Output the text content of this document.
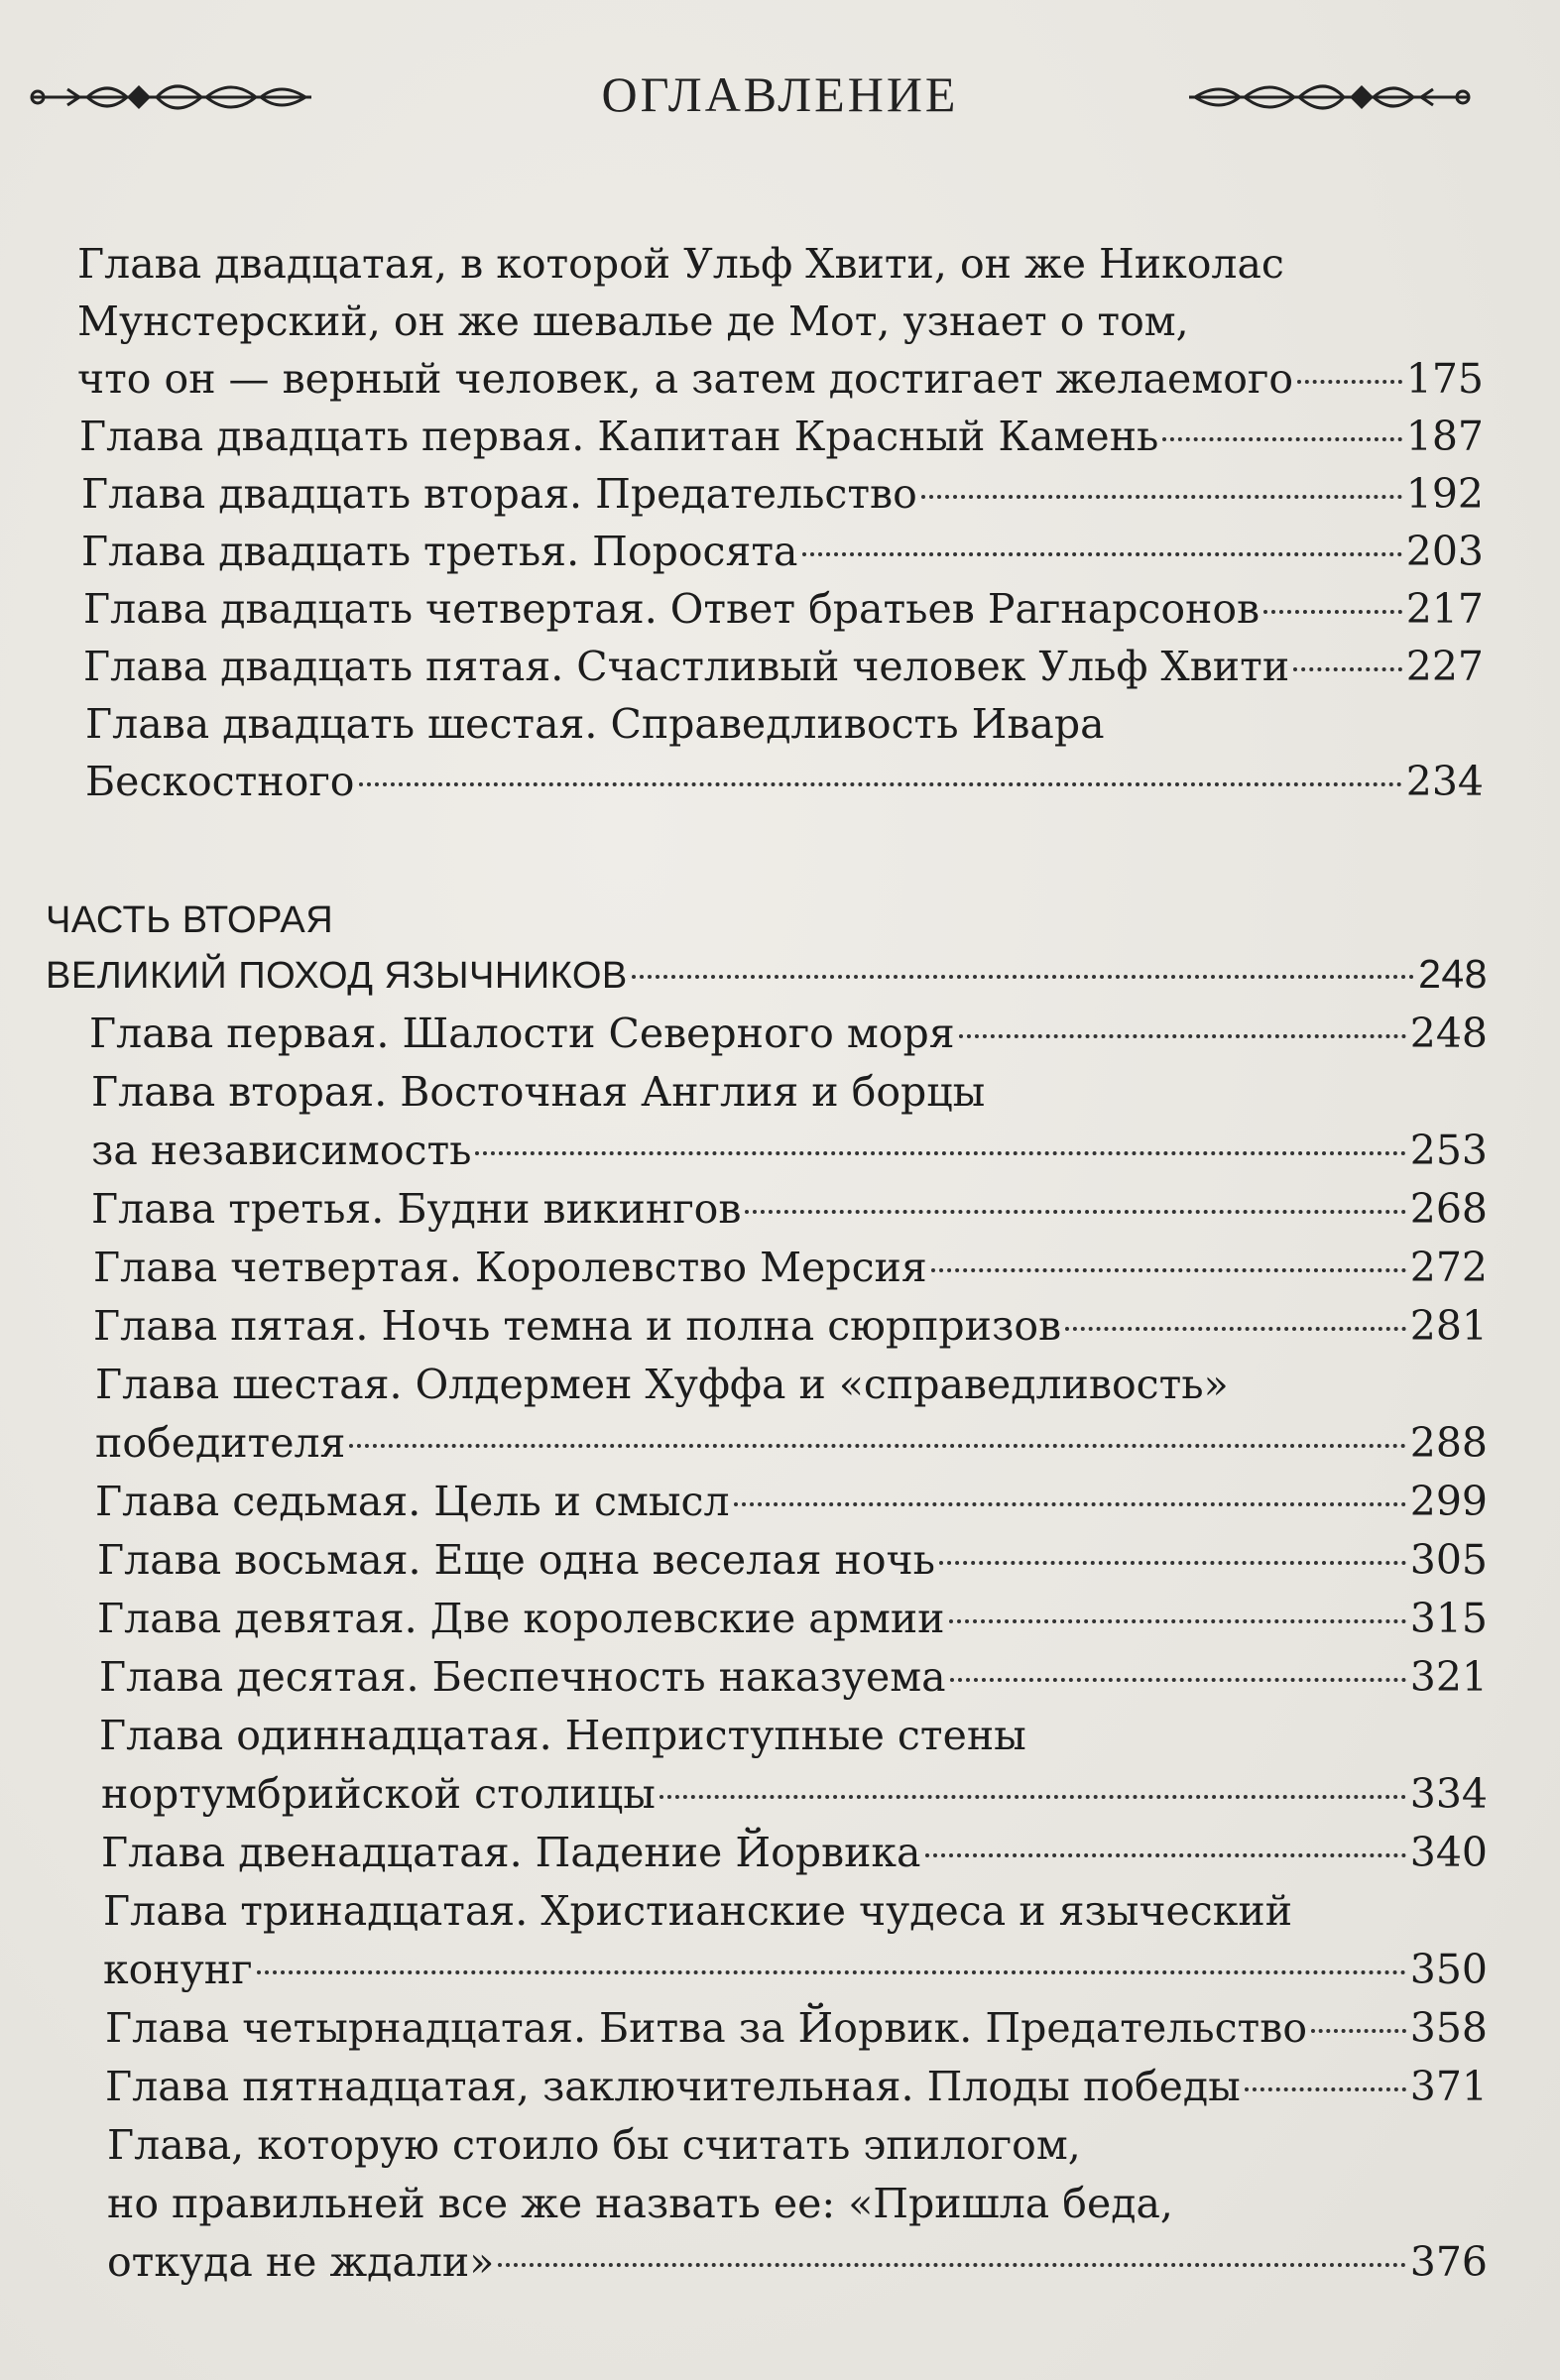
ОГЛАВЛЕНИЕ
Глава двадцатая, в которой Ульф Хвити, он же Николас
Мунстерский, он же шевалье де Мот, узнает о том,
что он — верный человек, а затем достигает желаемого	175
Глава двадцать первая. Капитан Красный Камень	187
Глава двадцать вторая. Предательство	192
Глава двадцать третья. Поросята	203
Глава двадцать четвертая. Ответ братьев Рагнарсонов	217
Глава двадцать пятая. Счастливый человек Ульф Хвити	227
Глава двадцать шестая. Справедливость Ивара
Бескостного	234
ЧАСТЬ ВТОРАЯ
ВЕЛИКИЙ ПОХОД ЯЗЫЧНИКОВ	248
Глава первая. Шалости Северного моря	248
Глава вторая. Восточная Англия и борцы
за независимость	253
Глава третья. Будни викингов	268
Глава четвертая. Королевство Мерсия	272
Глава пятая. Ночь темна и полна сюрпризов	281
Глава шестая. Олдермен Хуффа и «справедливость»
победителя	288
Глава седьмая. Цель и смысл	299
Глава восьмая. Еще одна веселая ночь	305
Глава девятая. Две королевские армии	315
Глава десятая. Беспечность наказуема	321
Глава одиннадцатая. Неприступные стены
нортумбрийской столицы	334
Глава двенадцатая. Падение Йорвика	340
Глава тринадцатая. Христианские чудеса и языческий
конунг	350
Глава четырнадцатая. Битва за Йорвик. Предательство	358
Глава пятнадцатая, заключительная. Плоды победы	371
Глава, которую стоило бы считать эпилогом,
но правильней все же назвать ее: «Пришла беда,
откуда не ждали»	376
